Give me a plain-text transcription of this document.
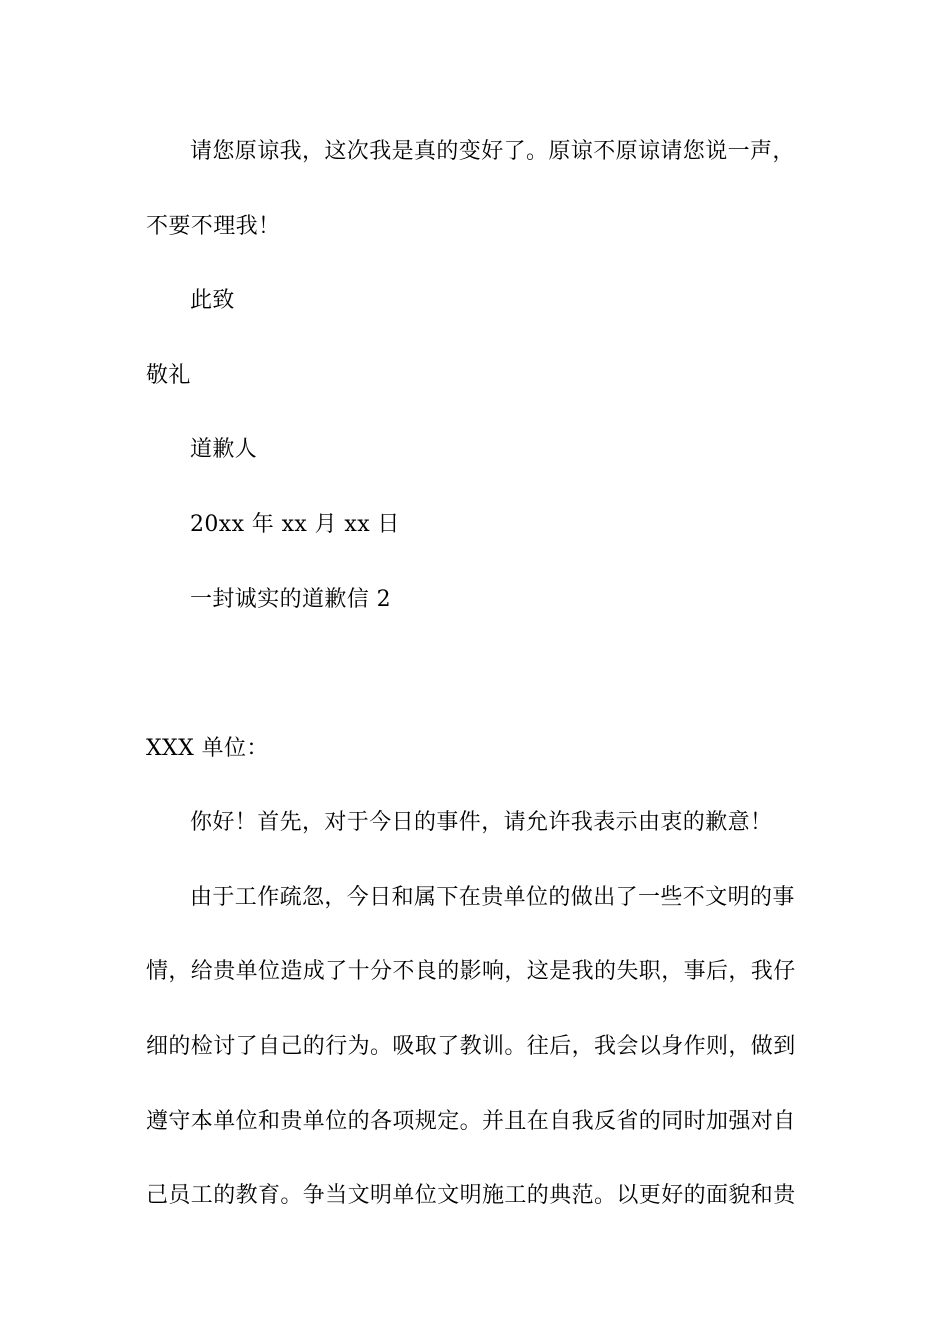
请您原谅我，这次我是真的变好了。原谅不原谅请您说一声，
不要不理我！
此致
敬礼
道歉人
20xx 年 xx 月 xx 日
一封诚实的道歉信 2
XXX 单位：
你好！首先，对于今日的事件，请允许我表示由衷的歉意！
由于工作疏忽，今日和属下在贵单位的做出了一些不文明的事
情，给贵单位造成了十分不良的影响，这是我的失职，事后，我仔
细的检讨了自己的行为。吸取了教训。往后，我会以身作则，做到
遵守本单位和贵单位的各项规定。并且在自我反省的同时加强对自
己员工的教育。争当文明单位文明施工的典范。以更好的面貌和贵
